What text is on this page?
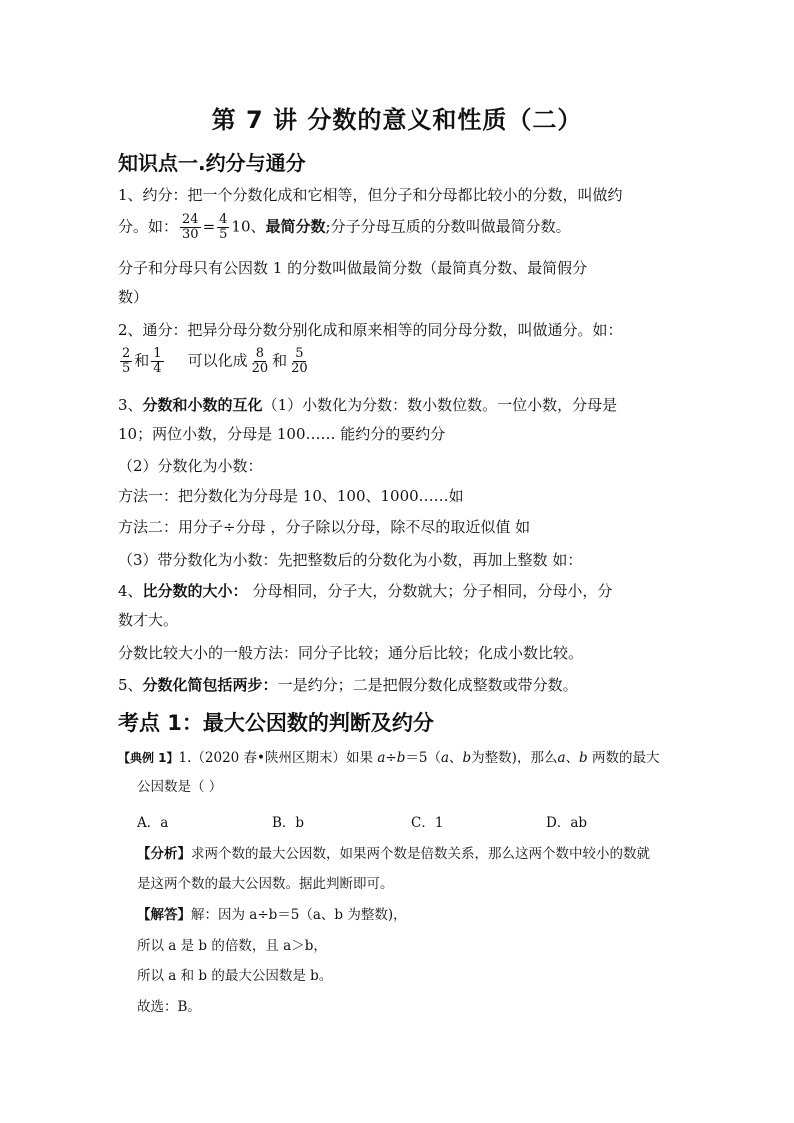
第 7 讲 分数的意义和性质（二）
知识点一.约分与通分
1、约分：把一个分数化成和它相等，但分子和分母都比较小的分数，叫做约
分。如： $\frac{24}{30} = \frac{4}{5} 10$、最简分数;分子分母互质的分数叫做最简分数。
分子和分母只有公因数 1 的分数叫做最简分数（最简真分数、最简假分
数）
2、通分：把异分母分数分别化成和原来相等的同分母分数，叫做通分。如：
$\frac{2}{5}$ 和 $\frac{1}{4}$ 可以化成 $\frac{8}{20}$ 和 $\frac{5}{20}$
3、分数和小数的互化（1）小数化为分数：数小数位数。一位小数，分母是
10；两位小数，分母是 100…… 能约分的要约分
（2）分数化为小数：
方法一：把分数化为分母是 10、100、1000……如
方法二：用分子÷分母 ，分子除以分母，除不尽的取近似值 如
（3）带分数化为小数：先把整数后的分数化为小数，再加上整数 如：
4、比分数的大小： 分母相同，分子大，分数就大；分子相同，分母小，分
数才大。
分数比较大小的一般方法：同分子比较；通分后比较；化成小数比较。
5、分数化简包括两步：一是约分；二是把假分数化成整数或带分数。
考点 1：最大公因数的判断及约分
【典例 1】1.（2020 春•陕州区期末）如果 a÷b＝5（a、b为整数)，那么a、b 两数的最大
公因数是（ ）
A．a	B．b	C．1	D．ab
【分析】求两个数的最大公因数，如果两个数是倍数关系，那么这两个数中较小的数就
是这两个数的最大公因数。据此判断即可。
【解答】解：因为 a÷b＝5（a、b 为整数)，
所以 a 是 b 的倍数，且 a＞b，
所以 a 和 b 的最大公因数是 b。
故选：B。
